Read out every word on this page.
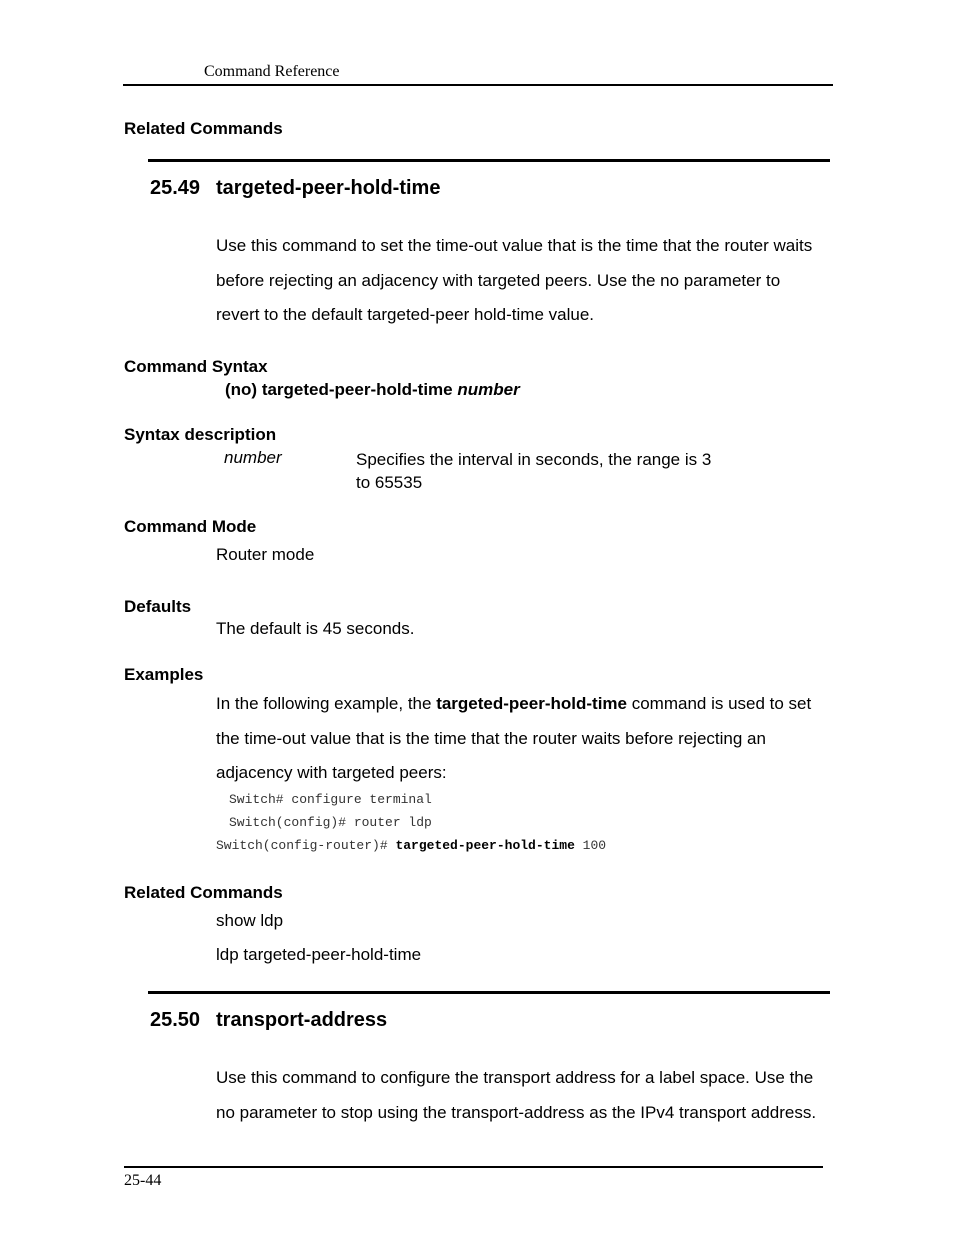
Command Reference
Related Commands
25.49 targeted-peer-hold-time
Use this command to set the time-out value that is the time that the router waits
before rejecting an adjacency with targeted peers. Use the no parameter to
revert to the default targeted-peer hold-time value.
Command Syntax
(no) targeted-peer-hold-time number
Syntax description
number	Specifies the interval in seconds, the range is 3
to 65535
Command Mode
Router mode
Defaults
The default is 45 seconds.
Examples
In the following example, the targeted-peer-hold-time command is used to set
the time-out value that is the time that the router waits before rejecting an
adjacency with targeted peers:
Switch# configure terminal
Switch(config)# router ldp
Switch(config-router)# targeted-peer-hold-time 100
Related Commands
show ldp
ldp targeted-peer-hold-time
25.50 transport-address
Use this command to configure the transport address for a label space. Use the
no parameter to stop using the transport-address as the IPv4 transport address.
25-44
